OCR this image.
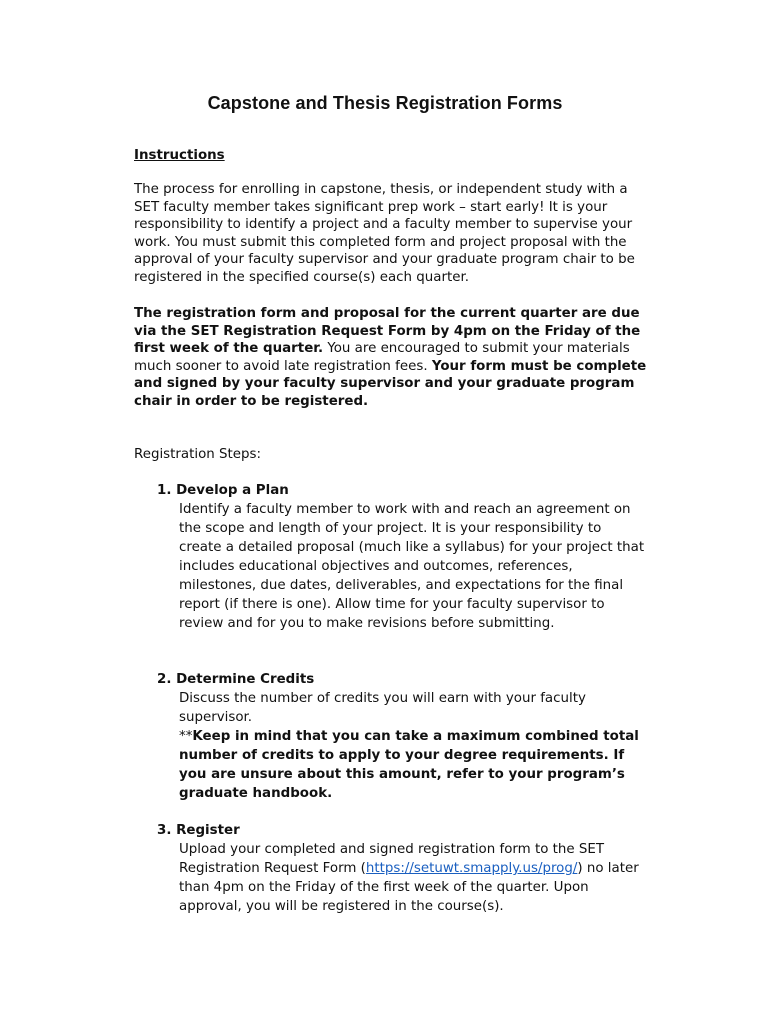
Capstone and Thesis Registration Forms
Instructions
The process for enrolling in capstone, thesis, or independent study with a SET faculty member takes significant prep work – start early! It is your responsibility to identify a project and a faculty member to supervise your work. You must submit this completed form and project proposal with the approval of your faculty supervisor and your graduate program chair to be registered in the specified course(s) each quarter.
The registration form and proposal for the current quarter are due via the SET Registration Request Form by 4pm on the Friday of the first week of the quarter. You are encouraged to submit your materials much sooner to avoid late registration fees. Your form must be complete and signed by your faculty supervisor and your graduate program chair in order to be registered.
Registration Steps:
1. Develop a Plan
Identify a faculty member to work with and reach an agreement on the scope and length of your project. It is your responsibility to create a detailed proposal (much like a syllabus) for your project that includes educational objectives and outcomes, references, milestones, due dates, deliverables, and expectations for the final report (if there is one). Allow time for your faculty supervisor to review and for you to make revisions before submitting.
2. Determine Credits
Discuss the number of credits you will earn with your faculty supervisor.
**Keep in mind that you can take a maximum combined total number of credits to apply to your degree requirements. If you are unsure about this amount, refer to your program’s graduate handbook.
3. Register
Upload your completed and signed registration form to the SET Registration Request Form (https://setuwt.smapply.us/prog/) no later than 4pm on the Friday of the first week of the quarter. Upon approval, you will be registered in the course(s).
